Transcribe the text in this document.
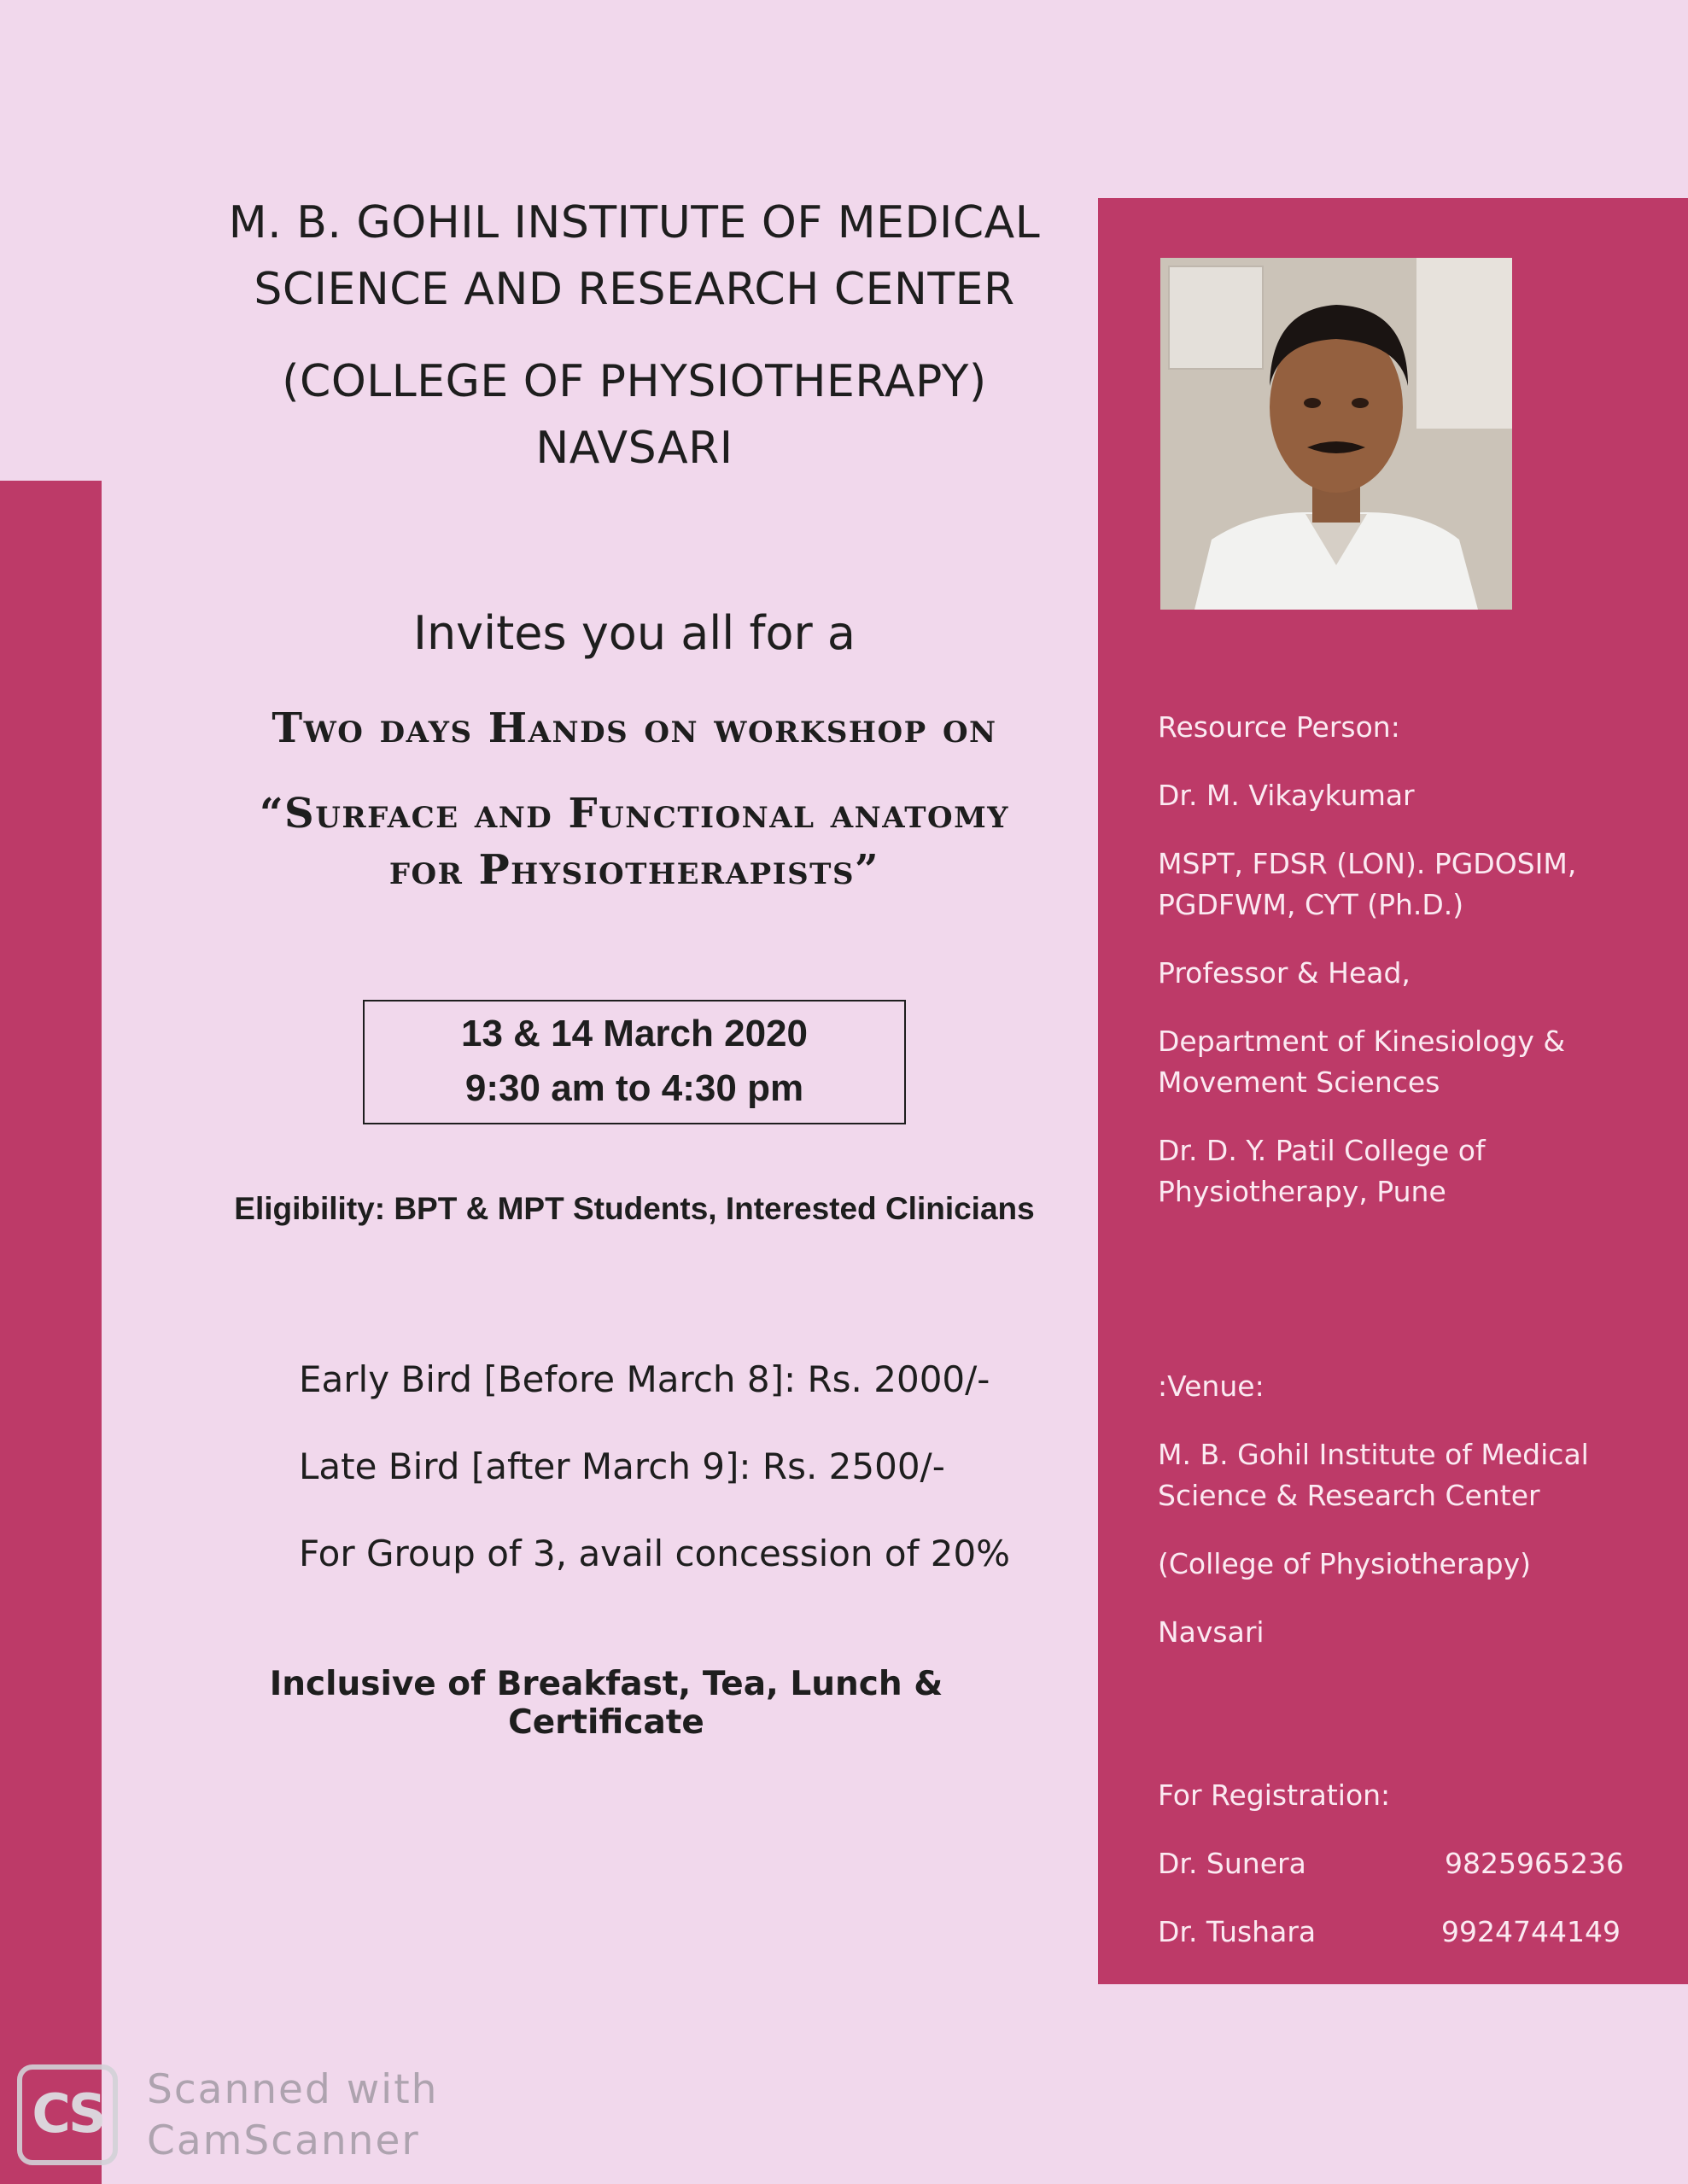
M. B. GOHIL INSTITUTE OF MEDICAL
SCIENCE AND RESEARCH CENTER
(COLLEGE OF PHYSIOTHERAPY)
NAVSARI
Invites you all for a
Two days Hands on workshop on
“Surface and Functional anatomy
for Physiotherapists”
13 & 14 March 2020
9:30 am to 4:30 pm
Eligibility: BPT & MPT Students, Interested Clinicians
Early Bird [Before March 8]: Rs. 2000/-
Late Bird [after March 9]: Rs. 2500/-
For Group of 3, avail concession of 20%
Inclusive of Breakfast, Tea, Lunch & Certificate
Resource Person:
Dr. M. Vikaykumar
MSPT, FDSR (LON). PGDOSIM,
PGDFWM, CYT (Ph.D.)
Professor & Head,
Department of Kinesiology &
Movement Sciences
Dr. D. Y. Patil College of
Physiotherapy, Pune
:Venue:
M. B. Gohil Institute of Medical
Science & Research Center
(College of Physiotherapy)
Navsari
For Registration:
Dr. Sunera	9825965236
Dr. Tushara	9924744149
CS	Scanned with
CamScanner
